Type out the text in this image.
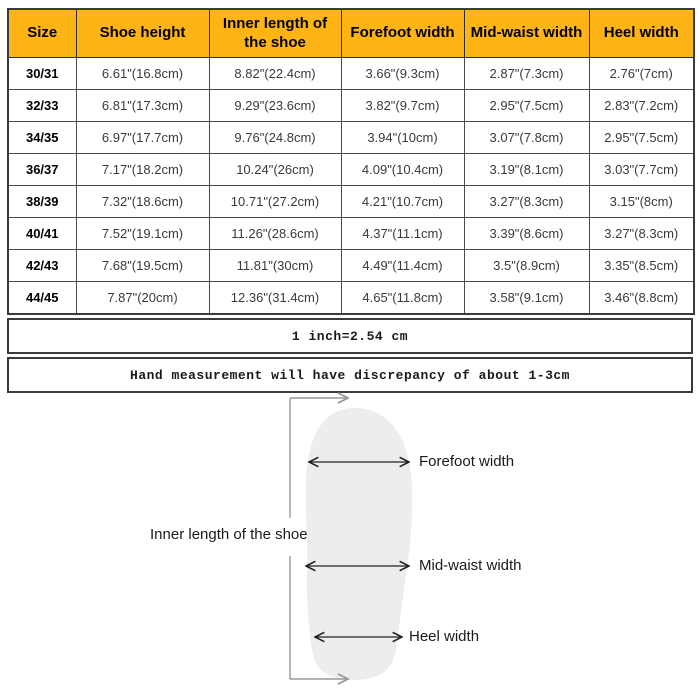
Size	Shoe height	Inner length of the shoe	Forefoot width	Mid-waist width	Heel width
30/31	6.61"(16.8cm)	8.82"(22.4cm)	3.66"(9.3cm)	2.87"(7.3cm)	2.76"(7cm)
32/33	6.81"(17.3cm)	9.29"(23.6cm)	3.82"(9.7cm)	2.95"(7.5cm)	2.83"(7.2cm)
34/35	6.97"(17.7cm)	9.76"(24.8cm)	3.94"(10cm)	3.07"(7.8cm)	2.95"(7.5cm)
36/37	7.17"(18.2cm)	10.24"(26cm)	4.09"(10.4cm)	3.19"(8.1cm)	3.03"(7.7cm)
38/39	7.32"(18.6cm)	10.71"(27.2cm)	4.21"(10.7cm)	3.27"(8.3cm)	3.15"(8cm)
40/41	7.52"(19.1cm)	11.26"(28.6cm)	4.37"(11.1cm)	3.39"(8.6cm)	3.27"(8.3cm)
42/43	7.68"(19.5cm)	11.81"(30cm)	4.49"(11.4cm)	3.5"(8.9cm)	3.35"(8.5cm)
44/45	7.87"(20cm)	12.36"(31.4cm)	4.65"(11.8cm)	3.58"(9.1cm)	3.46"(8.8cm)
1 inch=2.54 cm
Hand measurement will have discrepancy of about 1-3cm
Forefoot width
Mid-waist width
Heel width
Inner length of the shoe
